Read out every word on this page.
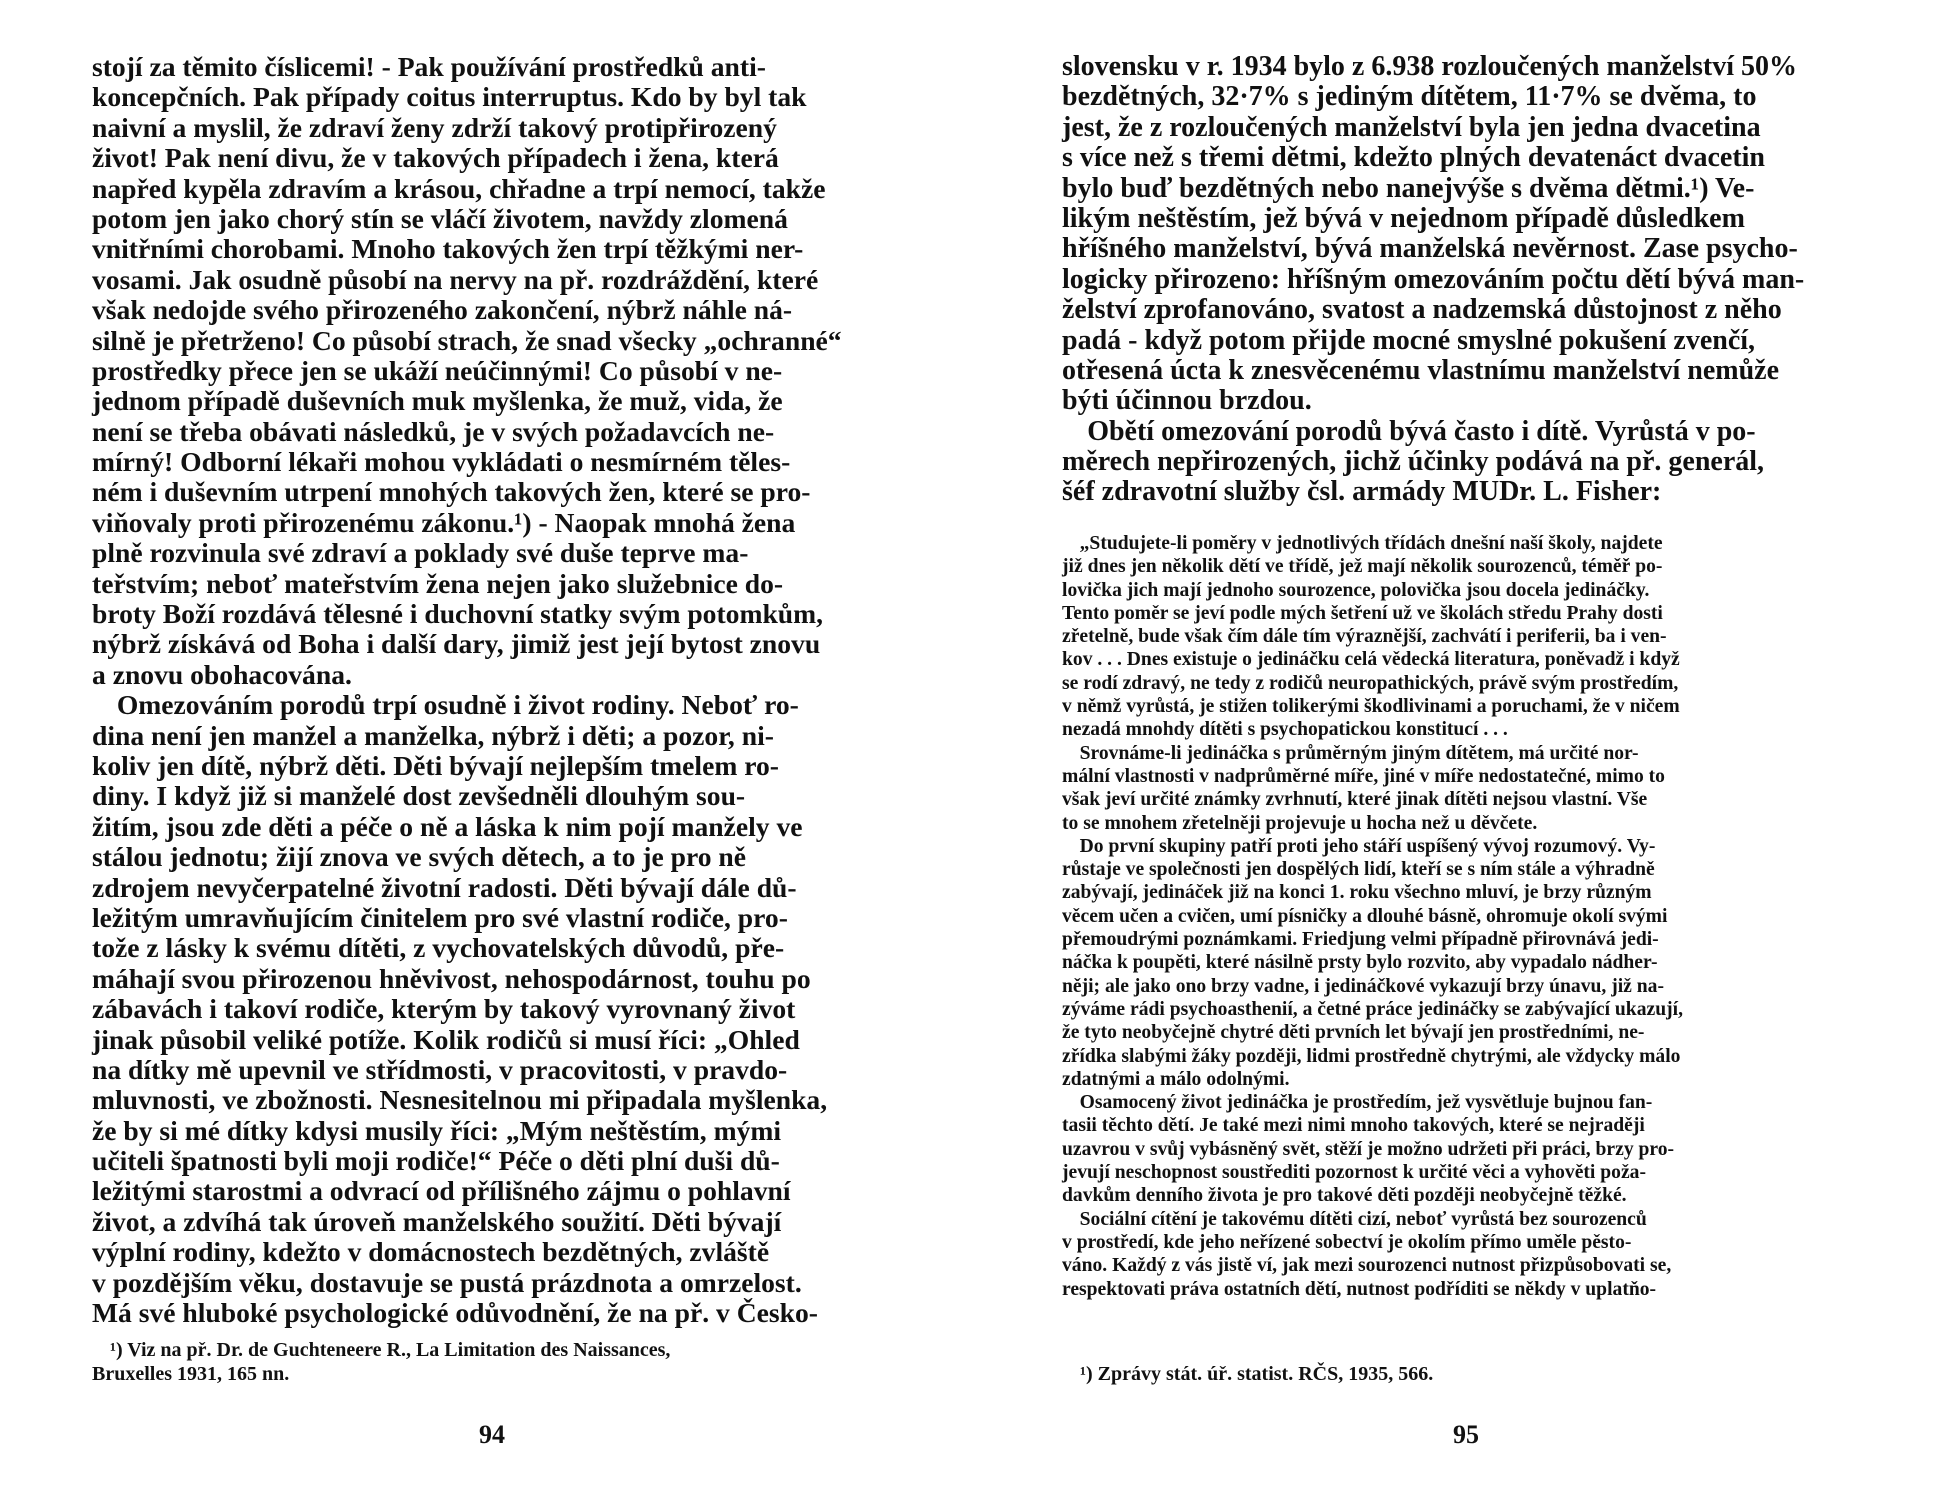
stojí za těmito číslicemi! - Pak používání prostředků anti-
koncepčních. Pak případy coitus interruptus. Kdo by byl tak
naivní a myslil, že zdraví ženy zdrží takový protipřirozený
život! Pak není divu, že v takových případech i žena, která
napřed kypěla zdravím a krásou, chřadne a trpí nemocí, takže
potom jen jako chorý stín se vláčí životem, navždy zlomená
vnitřními chorobami. Mnoho takových žen trpí těžkými ner-
vosami. Jak osudně působí na nervy na př. rozdráždění, které
však nedojde svého přirozeného zakončení, nýbrž náhle ná-
silně je přetrženo! Co působí strach, že snad všecky „ochranné“
prostředky přece jen se ukáží neúčinnými! Co působí v ne-
jednom případě duševních muk myšlenka, že muž, vida, že
není se třeba obávati následků, je v svých požadavcích ne-
mírný! Odborní lékaři mohou vykládati o nesmírném těles-
ném i duševním utrpení mnohých takových žen, které se pro-
viňovaly proti přirozenému zákonu.¹) - Naopak mnohá žena
plně rozvinula své zdraví a poklady své duše teprve ma-
teřstvím; neboť mateřstvím žena nejen jako služebnice do-
broty Boží rozdává tělesné i duchovní statky svým potomkům,
nýbrž získává od Boha i další dary, jimiž jest její bytost znovu
a znovu obohacována.
Omezováním porodů trpí osudně i život rodiny. Neboť ro-
dina není jen manžel a manželka, nýbrž i děti; a pozor, ni-
koliv jen dítě, nýbrž děti. Děti bývají nejlepším tmelem ro-
diny. I když již si manželé dost zevšedněli dlouhým sou-
žitím, jsou zde děti a péče o ně a láska k nim pojí manžely ve
stálou jednotu; žijí znova ve svých dětech, a to je pro ně
zdrojem nevyčerpatelné životní radosti. Děti bývají dále dů-
ležitým umravňujícím činitelem pro své vlastní rodiče, pro-
tože z lásky k svému dítěti, z vychovatelských důvodů, pře-
máhají svou přirozenou hněvivost, nehospodárnost, touhu po
zábavách i takoví rodiče, kterým by takový vyrovnaný život
jinak působil veliké potíže. Kolik rodičů si musí říci: „Ohled
na dítky mě upevnil ve střídmosti, v pracovitosti, v pravdo-
mluvnosti, ve zbožnosti. Nesnesitelnou mi připadala myšlenka,
že by si mé dítky kdysi musily říci: „Mým neštěstím, mými
učiteli špatnosti byli moji rodiče!“ Péče o děti plní duši dů-
ležitými starostmi a odvrací od přílišného zájmu o pohlavní
život, a zdvíhá tak úroveň manželského soužití. Děti bývají
výplní rodiny, kdežto v domácnostech bezdětných, zvláště
v pozdějším věku, dostavuje se pustá prázdnota a omrzelost.
Má své hluboké psychologické odůvodnění, že na př. v Česko-
¹) Viz na př. Dr. de Guchteneere R., La Limitation des Naissances,
Bruxelles 1931, 165 nn.
94
slovensku v r. 1934 bylo z 6.938 rozloučených manželství 50%
bezdětných, 32·7% s jediným dítětem, 11·7% se dvěma, to
jest, že z rozloučených manželství byla jen jedna dvacetina
s více než s třemi dětmi, kdežto plných devatenáct dvacetin
bylo buď bezdětných nebo nanejvýše s dvěma dětmi.¹) Ve-
likým neštěstím, jež bývá v nejednom případě důsledkem
hříšného manželství, bývá manželská nevěrnost. Zase psycho-
logicky přirozeno: hříšným omezováním počtu dětí bývá man-
želství zprofanováno, svatost a nadzemská důstojnost z něho
padá - když potom přijde mocné smyslné pokušení zvenčí,
otřesená úcta k znesvěcenému vlastnímu manželství nemůže
býti účinnou brzdou.
Obětí omezování porodů bývá často i dítě. Vyrůstá v po-
měrech nepřirozených, jichž účinky podává na př. generál,
šéf zdravotní služby čsl. armády MUDr. L. Fisher:
„Studujete-li poměry v jednotlivých třídách dnešní naší školy, najdete
již dnes jen několik dětí ve třídě, jež mají několik sourozenců, téměř po-
lovička jich mají jednoho sourozence, polovička jsou docela jedináčky.
Tento poměr se jeví podle mých šetření už ve školách středu Prahy dosti
zřetelně, bude však čím dále tím výraznější, zachvátí i periferii, ba i ven-
kov . . . Dnes existuje o jedináčku celá vědecká literatura, poněvadž i když
se rodí zdravý, ne tedy z rodičů neuropathických, právě svým prostředím,
v němž vyrůstá, je stižen tolikerými škodlivinami a poruchami, že v ničem
nezadá mnohdy dítěti s psychopatickou konstitucí . . .
Srovnáme-li jedináčka s průměrným jiným dítětem, má určité nor-
mální vlastnosti v nadprůměrné míře, jiné v míře nedostatečné, mimo to
však jeví určité známky zvrhnutí, které jinak dítěti nejsou vlastní. Vše
to se mnohem zřetelněji projevuje u hocha než u děvčete.
Do první skupiny patří proti jeho stáří uspíšený vývoj rozumový. Vy-
růstaje ve společnosti jen dospělých lidí, kteří se s ním stále a výhradně
zabývají, jedináček již na konci 1. roku všechno mluví, je brzy různým
věcem učen a cvičen, umí písničky a dlouhé básně, ohromuje okolí svými
přemoudrými poznámkami. Friedjung velmi případně přirovnává jedi-
náčka k poupěti, které násilně prsty bylo rozvito, aby vypadalo nádher-
něji; ale jako ono brzy vadne, i jedináčkové vykazují brzy únavu, již na-
zýváme rádi psychoasthenií, a četné práce jedináčky se zabývající ukazují,
že tyto neobyčejně chytré děti prvních let bývají jen prostředními, ne-
zřídka slabými žáky později, lidmi prostředně chytrými, ale vždycky málo
zdatnými a málo odolnými.
Osamocený život jedináčka je prostředím, jež vysvětluje bujnou fan-
tasii těchto dětí. Je také mezi nimi mnoho takových, které se nejraději
uzavrou v svůj vybásněný svět, stěží je možno udržeti při práci, brzy pro-
jevují neschopnost soustřediti pozornost k určité věci a vyhověti poža-
davkům denního života je pro takové děti později neobyčejně těžké.
Sociální cítění je takovému dítěti cizí, neboť vyrůstá bez sourozenců
v prostředí, kde jeho neřízené sobectví je okolím přímo uměle pěsto-
váno. Každý z vás jistě ví, jak mezi sourozenci nutnost přizpůsobovati se,
respektovati práva ostatních dětí, nutnost podříditi se někdy v uplatňo-
¹) Zprávy stát. úř. statist. RČS, 1935, 566.
95
